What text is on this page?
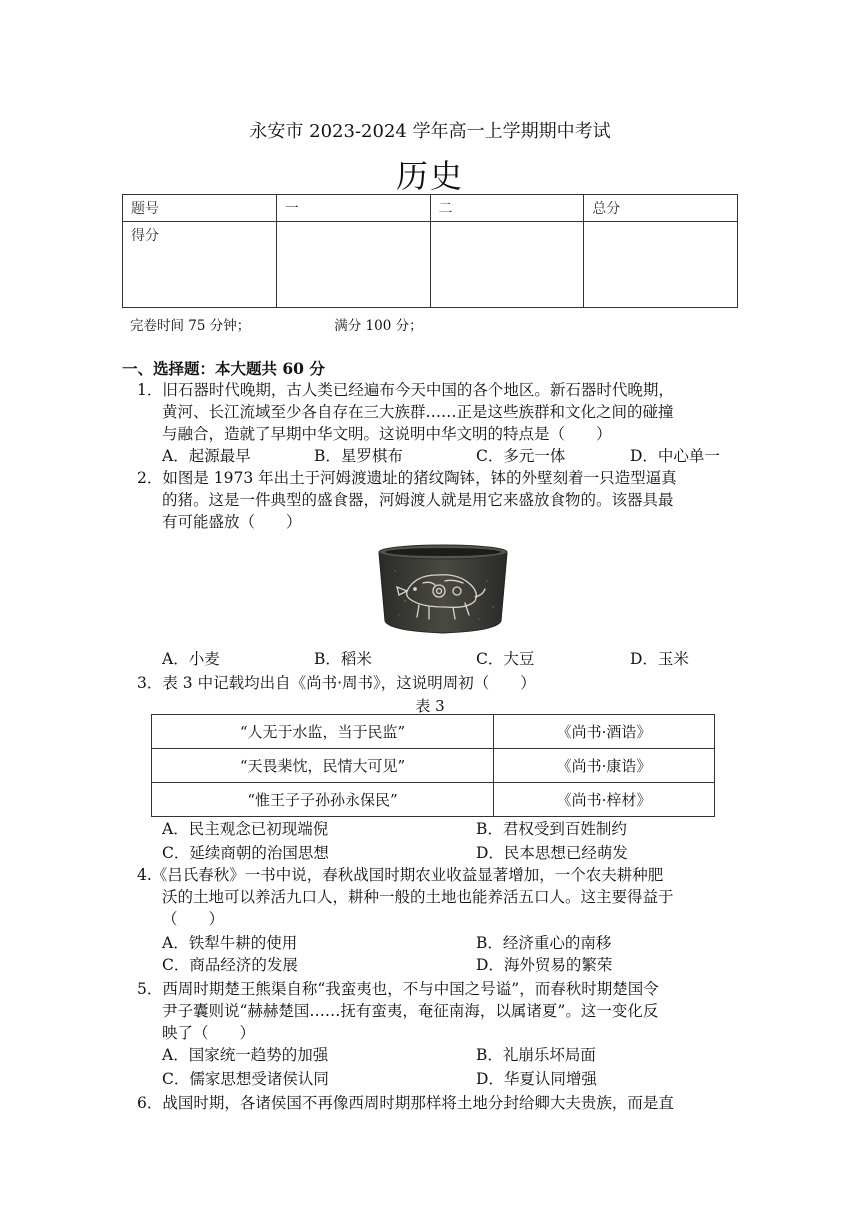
永安市 2023-2024 学年高一上学期期中考试
历史
题号	一	二	总分
得分			
完卷时间 75 分钟；	满分 100 分；
一、选择题：本大题共 60 分
1．旧石器时代晚期，古人类已经遍布今天中国的各个地区。新石器时代晚期，
黄河、长江流域至少各自存在三大族群……正是这些族群和文化之间的碰撞
与融合，造就了早期中华文明。这说明中华文明的特点是（　　）
A．起源最早	B．星罗棋布	C．多元一体	D．中心单一
2．如图是 1973 年出土于河姆渡遗址的猪纹陶钵，钵的外壁刻着一只造型逼真
的猪。这是一件典型的盛食器，河姆渡人就是用它来盛放食物的。该器具最
有可能盛放（　　）
A．小麦	B．稻米	C．大豆	D．玉米
3．表 3 中记载均出自《尚书·周书》，这说明周初（　　）
表 3
“人无于水监，当于民监”	《尚书·酒诰》
“天畏棐忱，民情大可见”	《尚书·康诰》
“惟王子子孙孙永保民”	《尚书·梓材》
A．民主观念已初现端倪	B．君权受到百姓制约
C．延续商朝的治国思想	D．民本思想已经萌发
4.《吕氏春秋》一书中说，春秋战国时期农业收益显著增加，一个农夫耕种肥
沃的土地可以养活九口人，耕种一般的土地也能养活五口人。这主要得益于
（　　）
A．铁犁牛耕的使用	B．经济重心的南移
C．商品经济的发展	D．海外贸易的繁荣
5．西周时期楚王熊渠自称“我蛮夷也，不与中国之号谥”，而春秋时期楚国令
尹子囊则说“赫赫楚国……抚有蛮夷，奄征南海，以属诸夏”。这一变化反
映了（　　）
A．国家统一趋势的加强	B．礼崩乐坏局面
C．儒家思想受诸侯认同	D．华夏认同增强
6．战国时期，各诸侯国不再像西周时期那样将土地分封给卿大夫贵族，而是直
